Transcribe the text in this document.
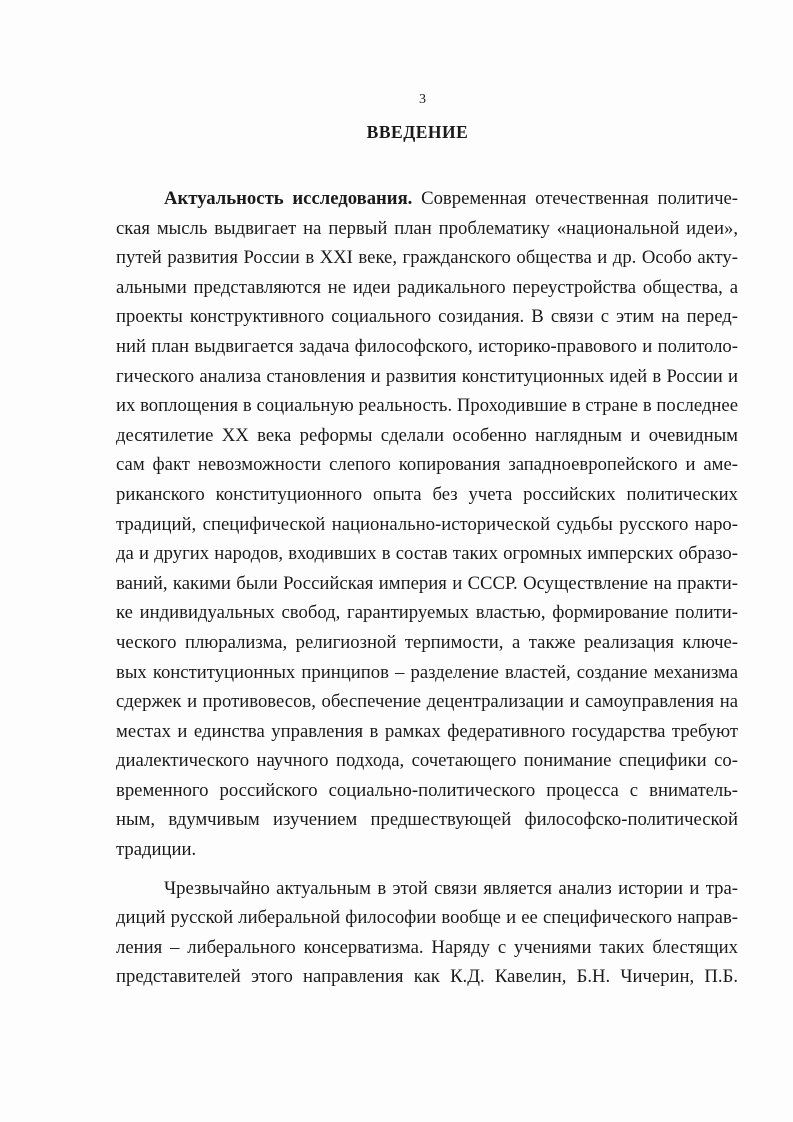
3
ВВЕДЕНИЕ
Актуальность исследования. Современная отечественная политиче-
ская мысль выдвигает на первый план проблематику «национальной идеи»,
путей развития России в XXI веке, гражданского общества и др. Особо акту-
альными представляются не идеи радикального переустройства общества, а
проекты конструктивного социального созидания. В связи с этим на перед-
ний план выдвигается задача философского, историко-правового и политоло-
гического анализа становления и развития конституционных идей в России и
их воплощения в социальную реальность. Проходившие в стране в последнее
десятилетие XX века реформы сделали особенно наглядным и очевидным
сам факт невозможности слепого копирования западноевропейского и аме-
риканского конституционного опыта без учета российских политических
традиций, специфической национально-исторической судьбы русского наро-
да и других народов, входивших в состав таких огромных имперских образо-
ваний, какими были Российская империя и СССР. Осуществление на практи-
ке индивидуальных свобод, гарантируемых властью, формирование полити-
ческого плюрализма, религиозной терпимости, а также реализация ключе-
вых конституционных принципов – разделение властей, создание механизма
сдержек и противовесов, обеспечение децентрализации и самоуправления на
местах и единства управления в рамках федеративного государства требуют
диалектического научного подхода, сочетающего понимание специфики со-
временного российского социально-политического процесса с вниматель-
ным, вдумчивым изучением предшествующей философско-политической
традиции.
Чрезвычайно актуальным в этой связи является анализ истории и тра-
диций русской либеральной философии вообще и ее специфического направ-
ления – либерального консерватизма. Наряду с учениями таких блестящих
представителей этого направления как К.Д. Кавелин, Б.Н. Чичерин, П.Б.
